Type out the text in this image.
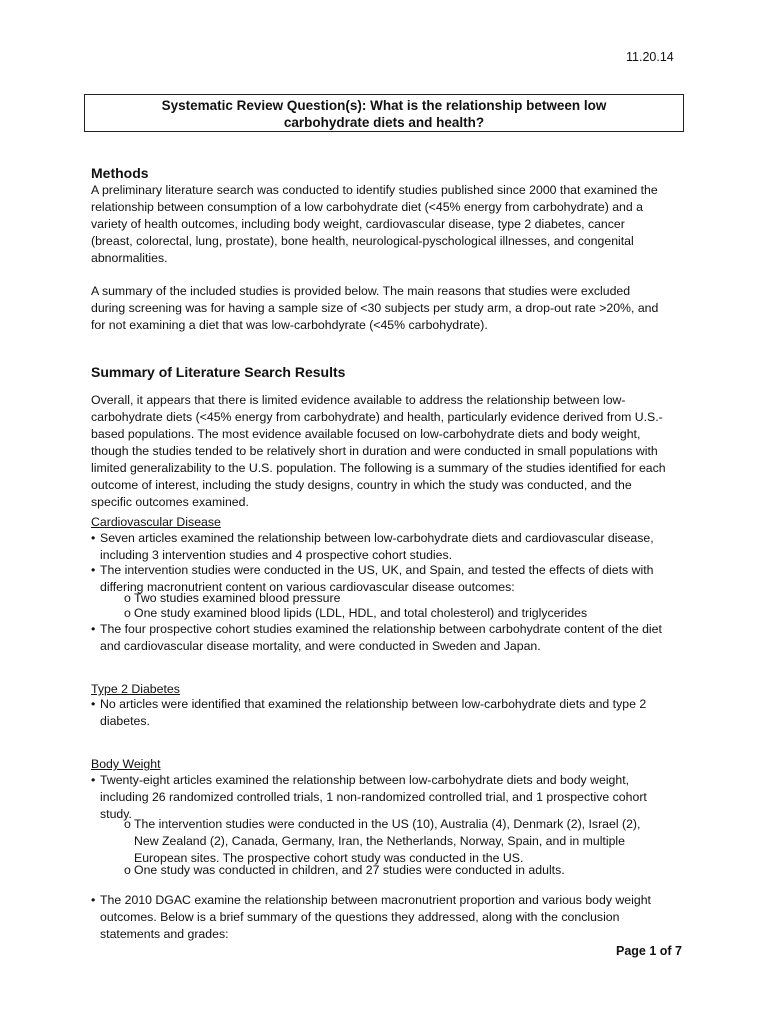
11.20.14
Systematic Review Question(s): What is the relationship between low
carbohydrate diets and health?
Methods
A preliminary literature search was conducted to identify studies published since 2000 that examined the
relationship between consumption of a low carbohydrate diet (<45% energy from carbohydrate) and a
variety of health outcomes, including body weight, cardiovascular disease, type 2 diabetes, cancer
(breast, colorectal, lung, prostate), bone health, neurological-pyschological illnesses, and congenital
abnormalities.
A summary of the included studies is provided below. The main reasons that studies were excluded
during screening was for having a sample size of <30 subjects per study arm, a drop-out rate >20%, and
for not examining a diet that was low-carbohdyrate (<45% carbohydrate).
Summary of Literature Search Results
Overall, it appears that there is limited evidence available to address the relationship between low-
carbohydrate diets (<45% energy from carbohydrate) and health, particularly evidence derived from U.S.-
based populations. The most evidence available focused on low-carbohydrate diets and body weight,
though the studies tended to be relatively short in duration and were conducted in small populations with
limited generalizability to the U.S. population. The following is a summary of the studies identified for each
outcome of interest, including the study designs, country in which the study was conducted, and the
specific outcomes examined.
Cardiovascular Disease
• Seven articles examined the relationship between low-carbohydrate diets and cardiovascular disease,
including 3 intervention studies and 4 prospective cohort studies.
• The intervention studies were conducted in the US, UK, and Spain, and tested the effects of diets with
differing macronutrient content on various cardiovascular disease outcomes:
o Two studies examined blood pressure
o One study examined blood lipids (LDL, HDL, and total cholesterol) and triglycerides
• The four prospective cohort studies examined the relationship between carbohydrate content of the diet
and cardiovascular disease mortality, and were conducted in Sweden and Japan.
Type 2 Diabetes
• No articles were identified that examined the relationship between low-carbohydrate diets and type 2
diabetes.
Body Weight
• Twenty-eight articles examined the relationship between low-carbohydrate diets and body weight,
including 26 randomized controlled trials, 1 non-randomized controlled trial, and 1 prospective cohort
study.
o The intervention studies were conducted in the US (10), Australia (4), Denmark (2), Israel (2),
New Zealand (2), Canada, Germany, Iran, the Netherlands, Norway, Spain, and in multiple
European sites. The prospective cohort study was conducted in the US.
o One study was conducted in children, and 27 studies were conducted in adults.
• The 2010 DGAC examine the relationship between macronutrient proportion and various body weight
outcomes. Below is a brief summary of the questions they addressed, along with the conclusion
statements and grades:
Page 1 of 7
